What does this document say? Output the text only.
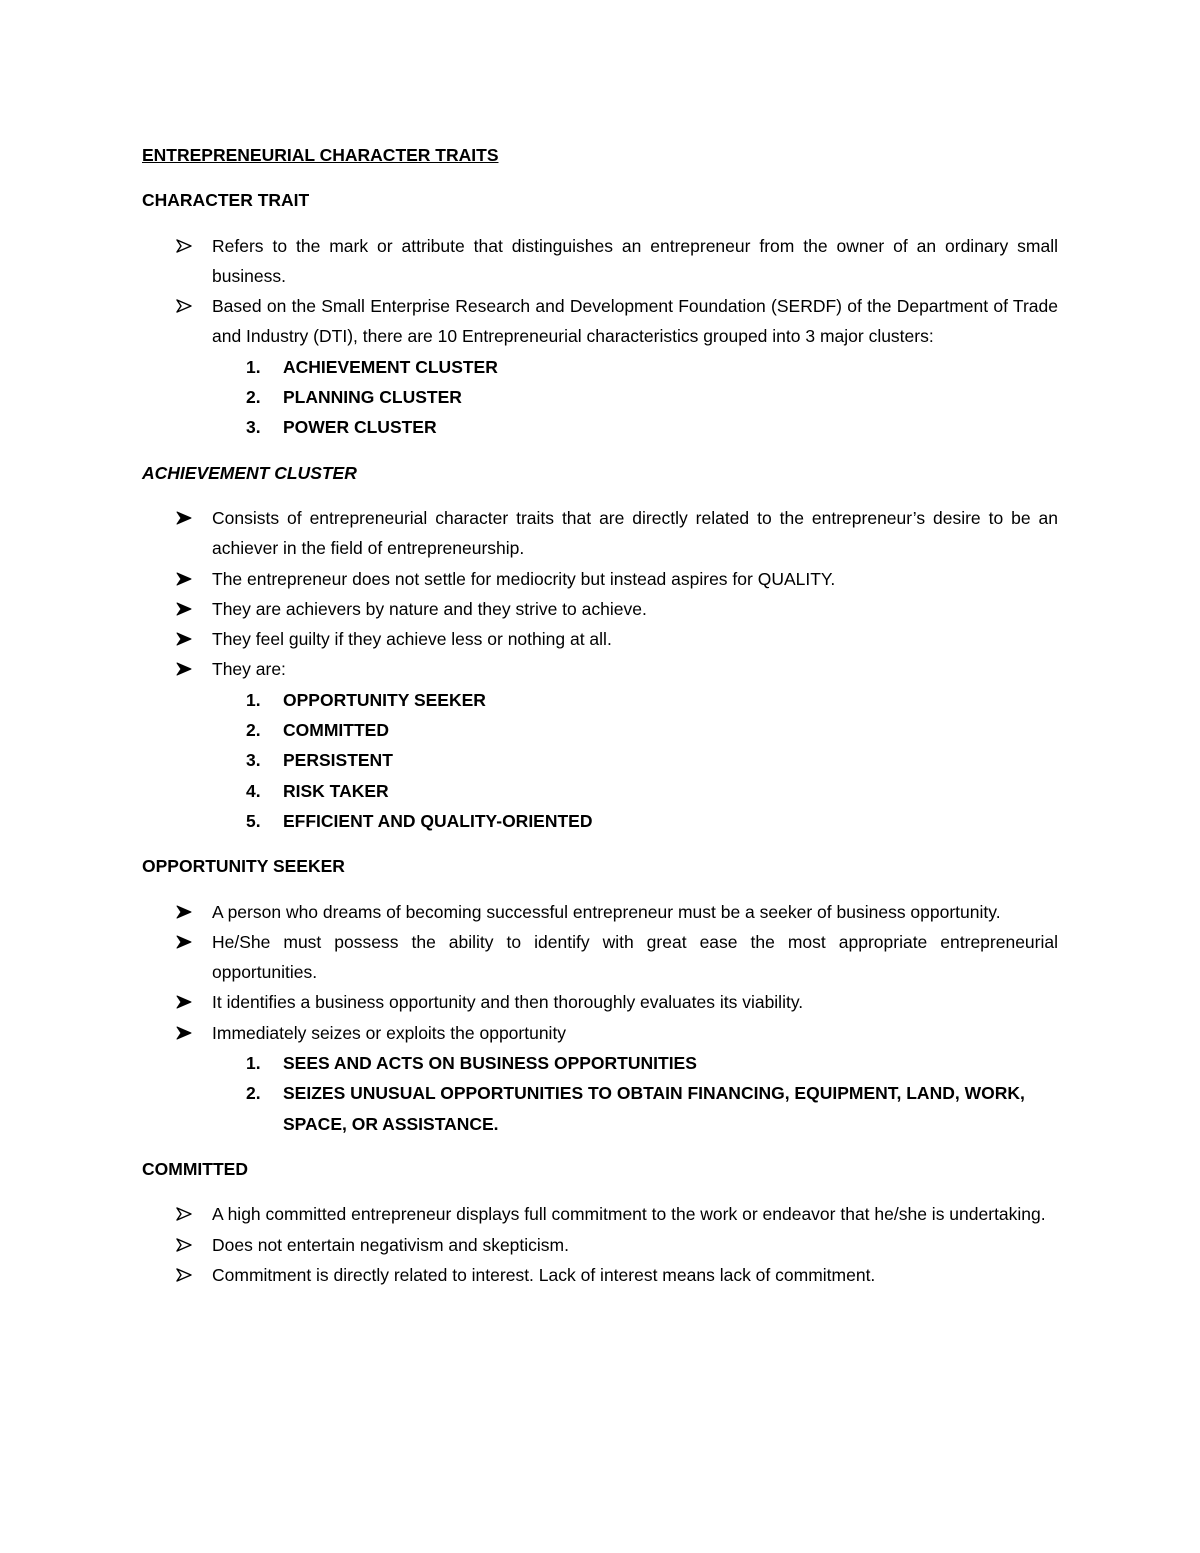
ENTREPRENEURIAL CHARACTER TRAITS

CHARACTER TRAIT

Refers to the mark or attribute that distinguishes an entrepreneur from the owner of an ordinary small business.
Based on the Small Enterprise Research and Development Foundation (SERDF) of the Department of Trade and Industry (DTI), there are 10 Entrepreneurial characteristics grouped into 3 major clusters:
1. ACHIEVEMENT CLUSTER
2. PLANNING CLUSTER
3. POWER CLUSTER

ACHIEVEMENT CLUSTER

Consists of entrepreneurial character traits that are directly related to the entrepreneur’s desire to be an achiever in the field of entrepreneurship.
The entrepreneur does not settle for mediocrity but instead aspires for QUALITY.
They are achievers by nature and they strive to achieve.
They feel guilty if they achieve less or nothing at all.
They are:
1. OPPORTUNITY SEEKER
2. COMMITTED
3. PERSISTENT
4. RISK TAKER
5. EFFICIENT AND QUALITY-ORIENTED

OPPORTUNITY SEEKER

A person who dreams of becoming successful entrepreneur must be a seeker of business opportunity.
He/She must possess the ability to identify with great ease the most appropriate entrepreneurial opportunities.
It identifies a business opportunity and then thoroughly evaluates its viability.
Immediately seizes or exploits the opportunity
1. SEES AND ACTS ON BUSINESS OPPORTUNITIES
2. SEIZES UNUSUAL OPPORTUNITIES TO OBTAIN FINANCING, EQUIPMENT, LAND, WORK, SPACE, OR ASSISTANCE.

COMMITTED

A high committed entrepreneur displays full commitment to the work or endeavor that he/she is undertaking.
Does not entertain negativism and skepticism.
Commitment is directly related to interest. Lack of interest means lack of commitment.
